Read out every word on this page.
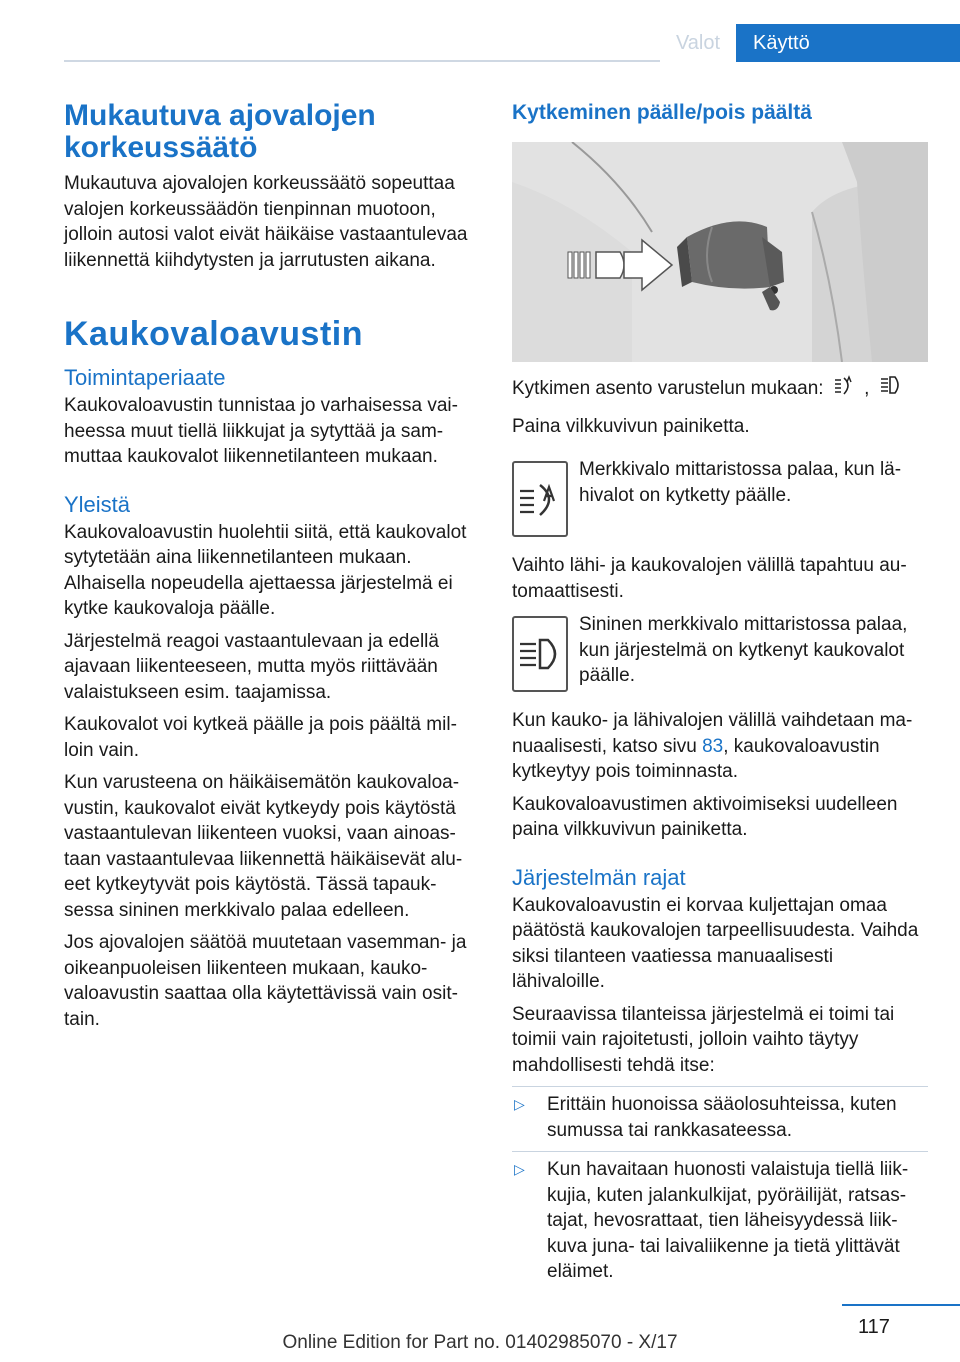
Valot	Käyttö
Mukautuva ajovalojen korkeussäätö

Mukautuva ajovalojen korkeussäätö sopeuttaa valojen korkeussäädön tienpinnan muotoon, jolloin autosi valot eivät häikäise vastaantulevaa liikennettä kiihdytysten ja jarrutusten aikana.

Kaukovaloavustin
Toimintaperiaate

Kaukovaloavustin tunnistaa jo varhaisessa vaiheessa muut tiellä liikkujat ja sytyttää ja sammuttaa kaukovalot liikennetilanteen mukaan.

Yleistä

Kaukovaloavustin huolehtii siitä, että kaukovalot sytytetään aina liikennetilanteen mukaan. Alhaisella nopeudella ajettaessa järjestelmä ei kytke kaukovaloja päälle.

Järjestelmä reagoi vastaantulevaan ja edellä ajavaan liikenteeseen, mutta myös riittävään valaistukseen esim. taajamissa.

Kaukovalot voi kytkeä päälle ja pois päältä milloin vain.

Kun varusteena on häikäisemätön kaukovaloavustin, kaukovalot eivät kytkeydy pois käytöstä vastaantulevan liikenteen vuoksi, vaan ainoastaan vastaantulevaa liikennettä häikäisevät alueet kytkeytyvät pois käytöstä. Tässä tapauksessa sininen merkkivalo palaa edelleen.

Jos ajovalojen säätöä muutetaan vasemman- ja oikeanpuoleisen liikenteen mukaan, kaukovaloavustin saattaa olla käytettävissä vain osittain.

Kytkeminen päälle/pois päältä

Kytkimen asento varustelun mukaan: ,

Paina vilkkuvivun painiketta.

Merkkivalo mittaristossa palaa, kun lähivalot on kytketty päälle.

Vaihto lähi- ja kaukovalojen välillä tapahtuu automaattisesti.

Sininen merkkivalo mittaristossa palaa, kun järjestelmä on kytkenyt kaukovalot päälle.

Kun kauko- ja lähivalojen välillä vaihdetaan manuaalisesti, katso sivu 83, kaukovaloavustin kytkeytyy pois toiminnasta.

Kaukovaloavustimen aktivoimiseksi uudelleen paina vilkkuvivun painiketta.

Järjestelmän rajat

Kaukovaloavustin ei korvaa kuljettajan omaa päätöstä kaukovalojen tarpeellisuudesta. Vaihda siksi tilanteen vaatiessa manuaalisesti lähivaloille.

Seuraavissa tilanteissa järjestelmä ei toimi tai toimii vain rajoitetusti, jolloin vaihto täytyy mahdollisesti tehdä itse:

▷ Erittäin huonoissa sääolosuhteissa, kuten sumussa tai rankkasateessa.
▷ Kun havaitaan huonosti valaistuja tiellä liikkujia, kuten jalankulkijat, pyöräilijät, ratsastajat, hevosrattaat, tien läheisyydessä liikkuva juna- tai laivaliikenne ja tietä ylittävät eläimet.
117
Online Edition for Part no. 01402985070 - X/17
